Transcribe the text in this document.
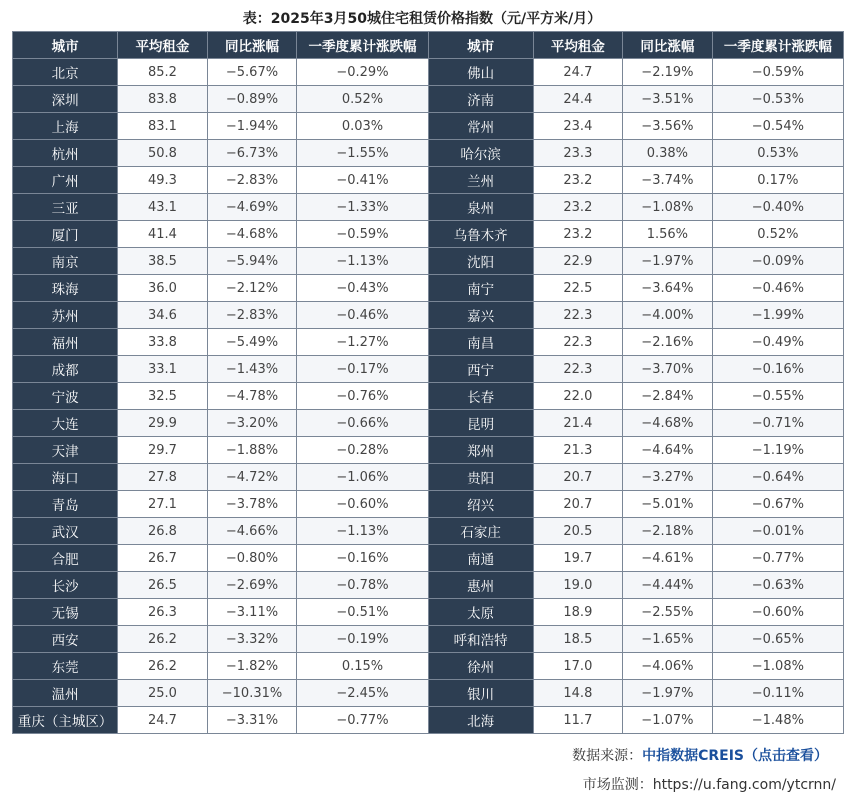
表：2025年3月50城住宅租赁价格指数（元/平方米/月）
城市	平均租金	同比涨幅	一季度累计涨跌幅	城市	平均租金	同比涨幅	一季度累计涨跌幅
北京	85.2	−5.67%	−0.29%	佛山	24.7	−2.19%	−0.59%
深圳	83.8	−0.89%	0.52%	济南	24.4	−3.51%	−0.53%
上海	83.1	−1.94%	0.03%	常州	23.4	−3.56%	−0.54%
杭州	50.8	−6.73%	−1.55%	哈尔滨	23.3	0.38%	0.53%
广州	49.3	−2.83%	−0.41%	兰州	23.2	−3.74%	0.17%
三亚	43.1	−4.69%	−1.33%	泉州	23.2	−1.08%	−0.40%
厦门	41.4	−4.68%	−0.59%	乌鲁木齐	23.2	1.56%	0.52%
南京	38.5	−5.94%	−1.13%	沈阳	22.9	−1.97%	−0.09%
珠海	36.0	−2.12%	−0.43%	南宁	22.5	−3.64%	−0.46%
苏州	34.6	−2.83%	−0.46%	嘉兴	22.3	−4.00%	−1.99%
福州	33.8	−5.49%	−1.27%	南昌	22.3	−2.16%	−0.49%
成都	33.1	−1.43%	−0.17%	西宁	22.3	−3.70%	−0.16%
宁波	32.5	−4.78%	−0.76%	长春	22.0	−2.84%	−0.55%
大连	29.9	−3.20%	−0.66%	昆明	21.4	−4.68%	−0.71%
天津	29.7	−1.88%	−0.28%	郑州	21.3	−4.64%	−1.19%
海口	27.8	−4.72%	−1.06%	贵阳	20.7	−3.27%	−0.64%
青岛	27.1	−3.78%	−0.60%	绍兴	20.7	−5.01%	−0.67%
武汉	26.8	−4.66%	−1.13%	石家庄	20.5	−2.18%	−0.01%
合肥	26.7	−0.80%	−0.16%	南通	19.7	−4.61%	−0.77%
长沙	26.5	−2.69%	−0.78%	惠州	19.0	−4.44%	−0.63%
无锡	26.3	−3.11%	−0.51%	太原	18.9	−2.55%	−0.60%
西安	26.2	−3.32%	−0.19%	呼和浩特	18.5	−1.65%	−0.65%
东莞	26.2	−1.82%	0.15%	徐州	17.0	−4.06%	−1.08%
温州	25.0	−10.31%	−2.45%	银川	14.8	−1.97%	−0.11%
重庆（主城区）	24.7	−3.31%	−0.77%	北海	11.7	−1.07%	−1.48%
数据来源：中指数据CREIS（点击查看）
市场监测：https://u.fang.com/ytcrnn/
